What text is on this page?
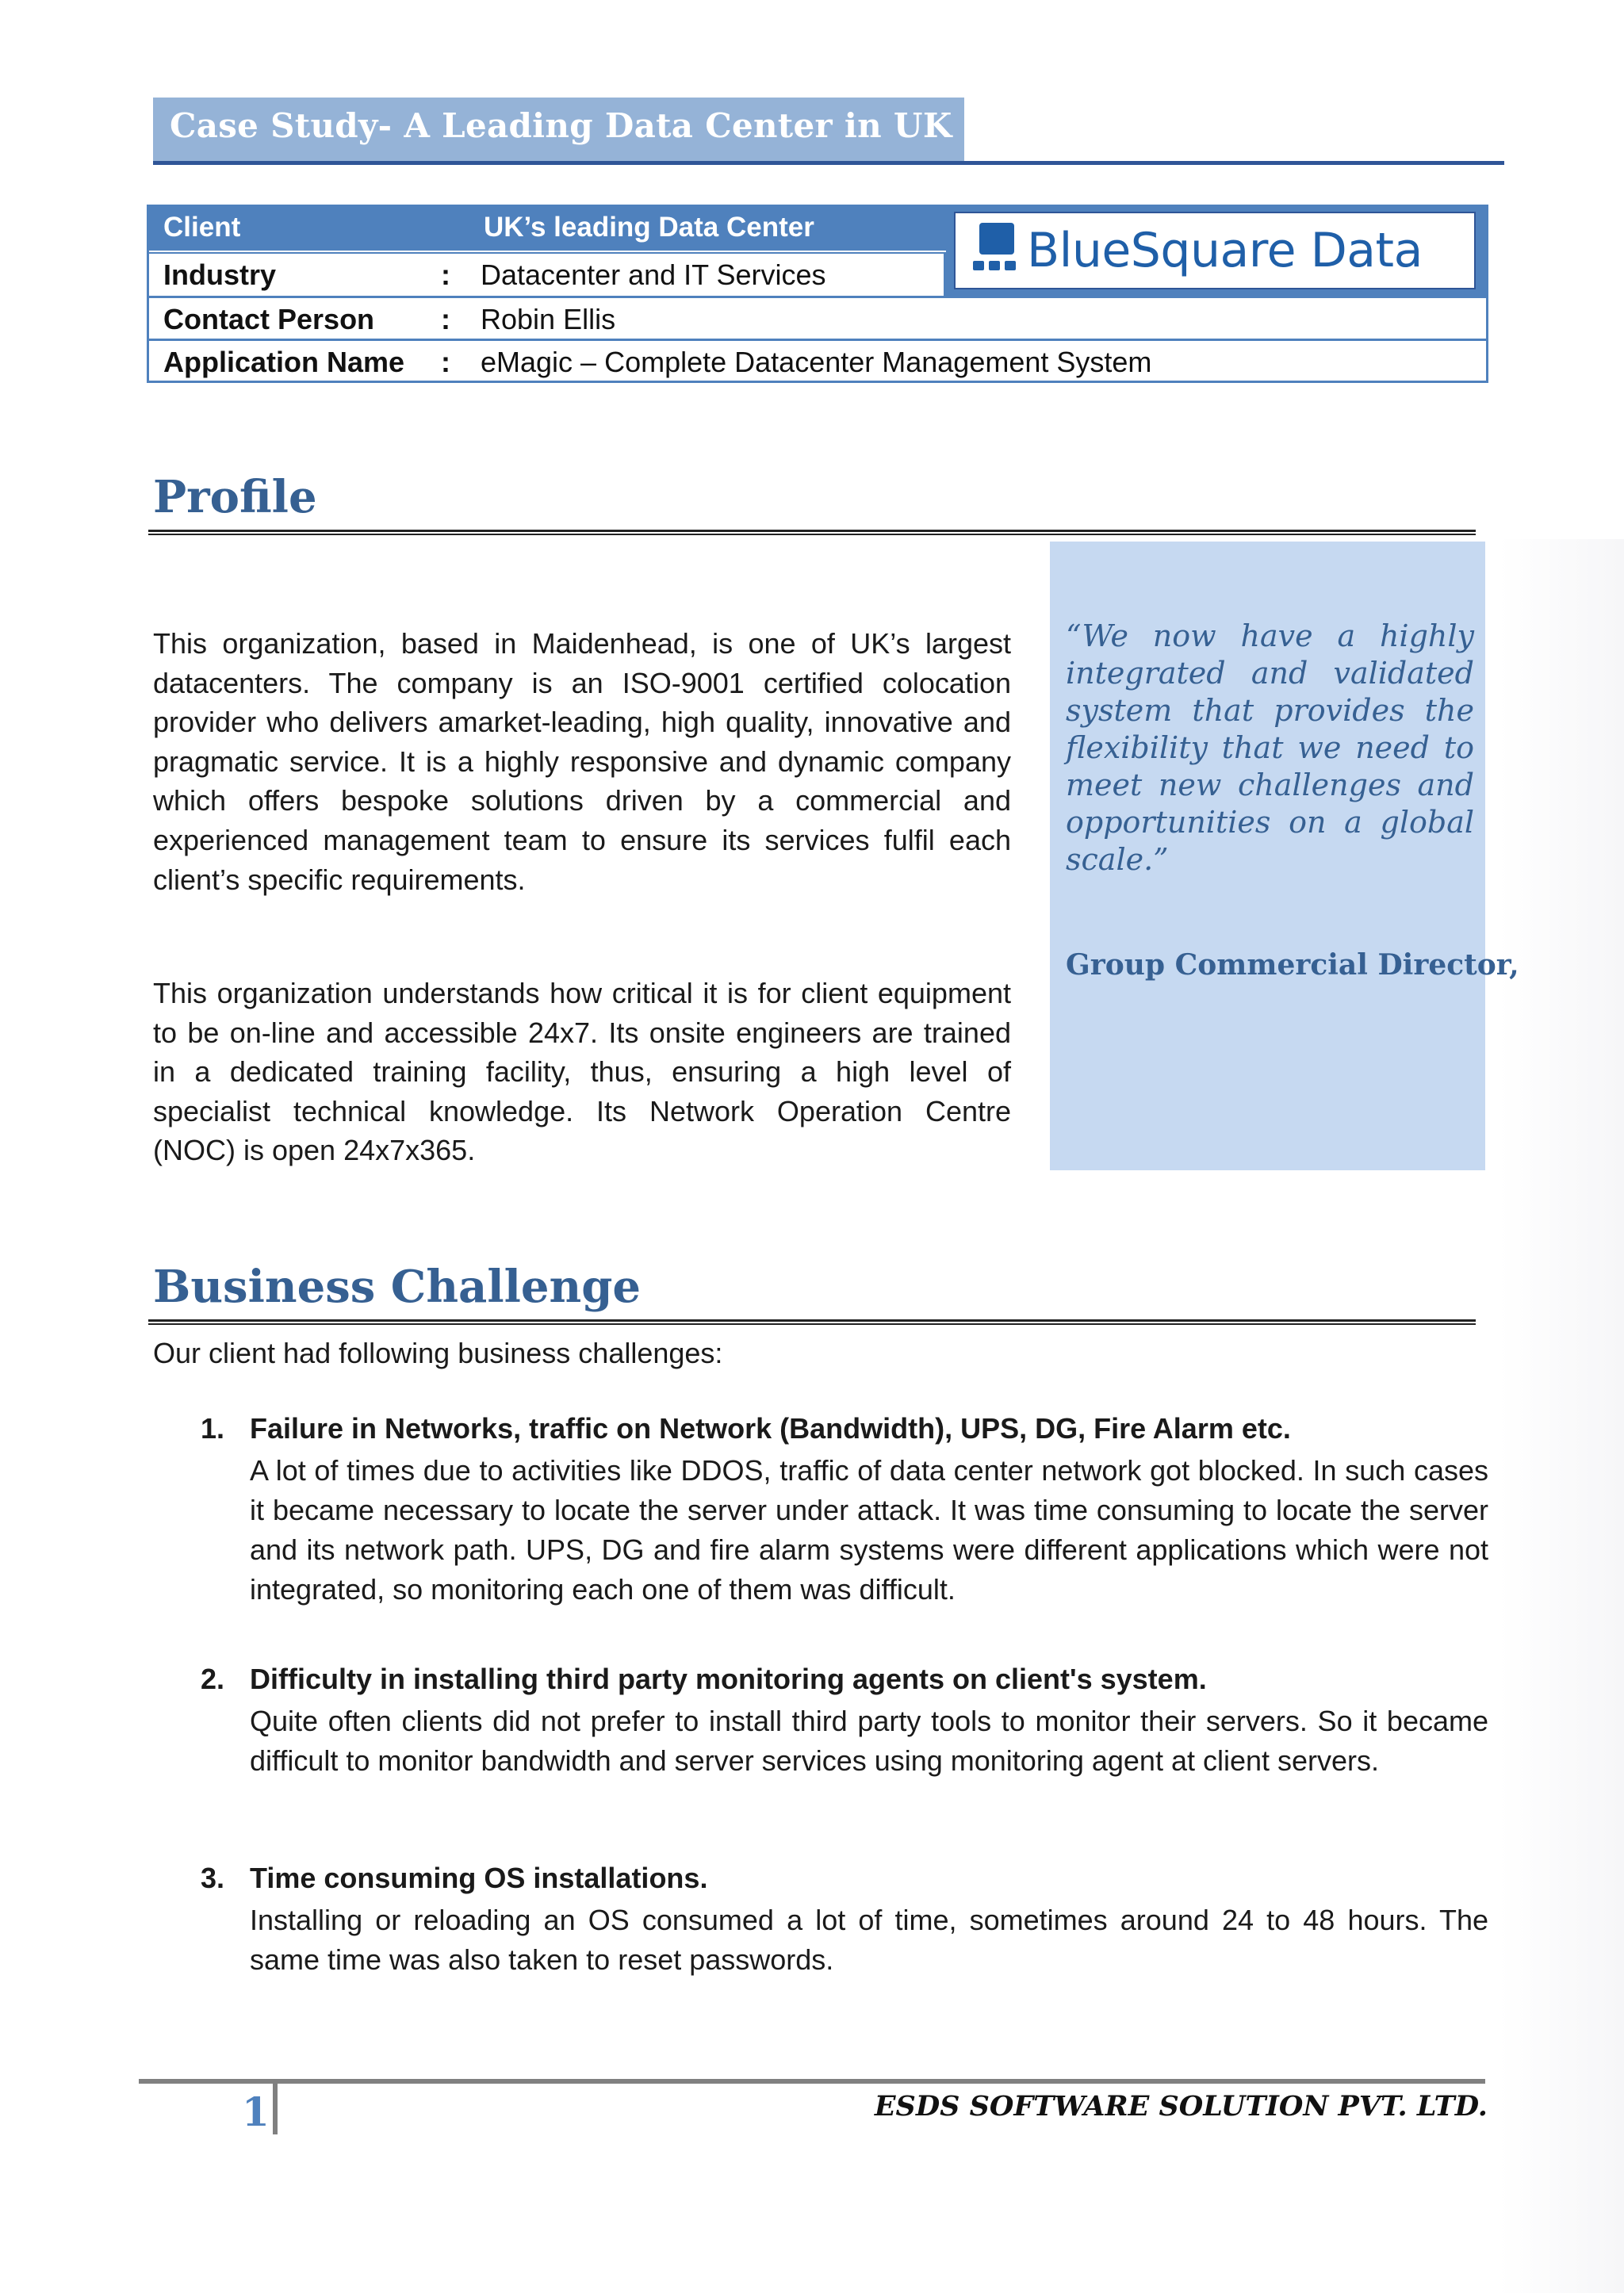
Case Study- A Leading Data Center in UK
Client	UK’s leading Data Center	BlueSquare Data
Industry	: Datacenter and IT Services
Contact Person : Robin Ellis
Application Name : eMagic – Complete Datacenter Management System
Profile

This organization, based in Maidenhead, is one of UK’s largest datacenters. The company is an ISO-9001 certified colocation provider who delivers amarket-leading, high quality, innovative and pragmatic service. It is a highly responsive and dynamic company which offers bespoke solutions driven by a commercial and experienced management team to ensure its services fulfil each client’s specific requirements.

This organization understands how critical it is for client equipment to be on-line and accessible 24x7. Its onsite engineers are trained in a dedicated training facility, thus, ensuring a high level of specialist technical knowledge. Its Network Operation Centre (NOC) is open 24x7x365.

“We now have a highly integrated and validated system that provides the flexibility that we need to meet new challenges and opportunities on a global scale.”

Group Commercial Director,
Business Challenge
Our client had following business challenges:
1. Failure in Networks, traffic on Network (Bandwidth), UPS, DG, Fire Alarm etc.

A lot of times due to activities like DDOS, traffic of data center network got blocked. In such cases it became necessary to locate the server under attack. It was time consuming to locate the server and its network path. UPS, DG and fire alarm systems were different applications which were not integrated, so monitoring each one of them was difficult.

2. Difficulty in installing third party monitoring agents on client's system.

Quite often clients did not prefer to install third party tools to monitor their servers. So it became difficult to monitor bandwidth and server services using monitoring agent at client servers.

3. Time consuming OS installations.

Installing or reloading an OS consumed a lot of time, sometimes around 24 to 48 hours. The same time was also taken to reset passwords.

1	ESDS SOFTWARE SOLUTION PVT. LTD.
